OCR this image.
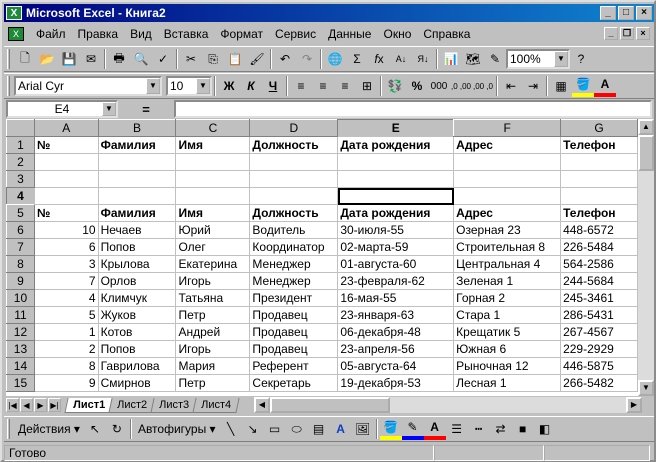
X Microsoft Excel - Книга2	_	□	×
X	Файл	Правка	Вид	Вставка	Формат	Сервис	Данные	Окно	Справка	_	❐	×
🗋 📂 💾 ✉	🖶 🔍 ✓	✂	⎘ 📋 🖌	↶ ↷	🌐 Σ	f x	A↓	Я↓	📊 🗺 ✎ 100%	▼	?
Arial Cyr	▼ 10	▼	Ж	К	Ч	≡	≡	≡	⊞	💱 % 000 ,0 ,00 ,00 ,0	⇤ ⇥	▦ 🪣 A
E4	▼	=
	A	B	C	D	E	F	G
1	№	Фамилия	Имя	Должность	Дата рождения	Адрес	Телефон
2							
3							
4							
5	№	Фамилия	Имя	Должность	Дата рождения	Адрес	Телефон
6	10	Нечаев	Юрий	Водитель	30-июля-55	Озерная 23	448-6572
7	6	Попов	Олег	Координатор	02-марта-59	Строительная 8	226-5484
8	3	Крылова	Екатерина	Менеджер	01-августа-60	Центральная 4	564-2586
9	7	Орлов	Игорь	Менеджер	23-февраля-62	Зеленая 1	244-5684
10	4	Климчук	Татьяна	Президент	16-мая-55	Горная 2	245-3461
11	5	Жуков	Петр	Продавец	23-января-63	Стара 1	286-5431
12	1	Котов	Андрей	Продавец	06-декабря-48	Крещатик 5	267-4567
13	2	Попов	Игорь	Продавец	23-апреля-56	Южная 6	229-2929
14	8	Гаврилова	Мария	Референт	05-августа-64	Рыночная 12	446-5875
15	9	Смирнов	Петр	Секретарь	19-декабря-53	Лесная 1	266-5482
▲
▼
|◀ ◀ ▶ ▶|	Лист1	Лист2	Лист3	Лист4	◀	▶
Действия ▾ ↖ ↻	Автофигуры ▾ ╲	↘ ▭ ⬭ ▤ A 🖼 🪣 ✎	A	☰	┅	⇄	■	◧
Готово
